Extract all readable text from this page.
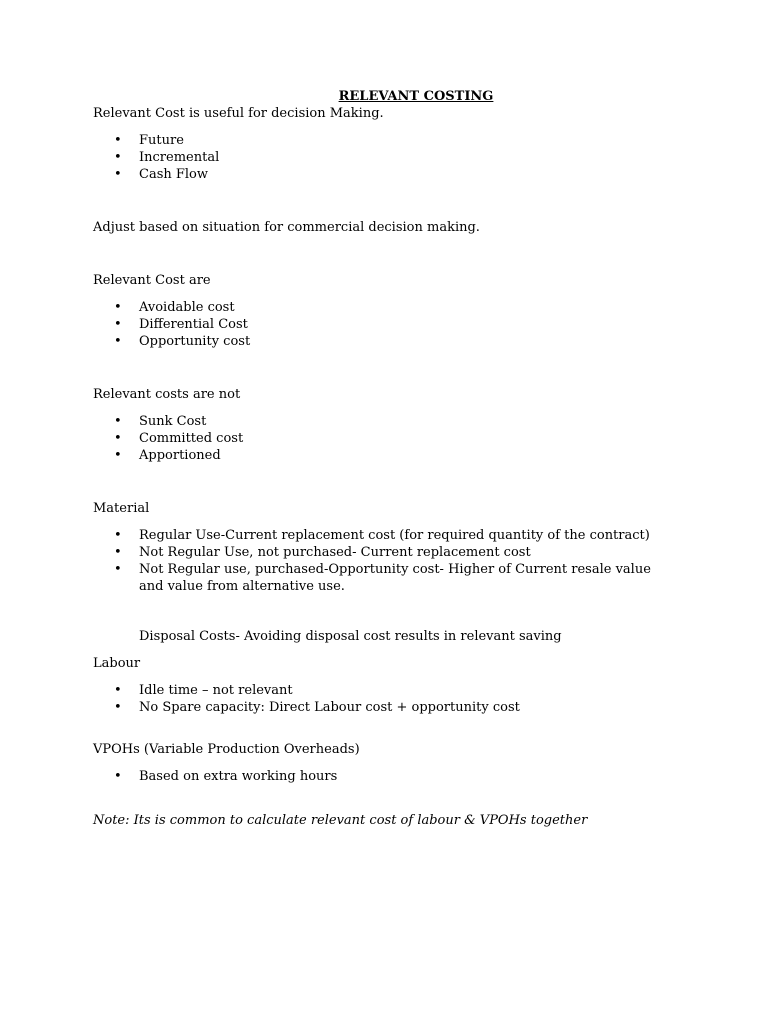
RELEVANT COSTING

Relevant Cost is useful for decision Making.

• Future
• Incremental
• Cash Flow

Adjust based on situation for commercial decision making.

Relevant Cost are

• Avoidable cost
• Differential Cost
• Opportunity cost

Relevant costs are not

• Sunk Cost
• Committed cost
• Apportioned

Material

• Regular Use-Current replacement cost (for required quantity of the contract)
• Not Regular Use, not purchased- Current replacement cost
• Not Regular use, purchased-Opportunity cost- Higher of Current resale value and value from alternative use.

Disposal Costs- Avoiding disposal cost results in relevant saving

Labour

• Idle time – not relevant
• No Spare capacity: Direct Labour cost + opportunity cost

VPOHs (Variable Production Overheads)

• Based on extra working hours

Note: Its is common to calculate relevant cost of labour & VPOHs together
